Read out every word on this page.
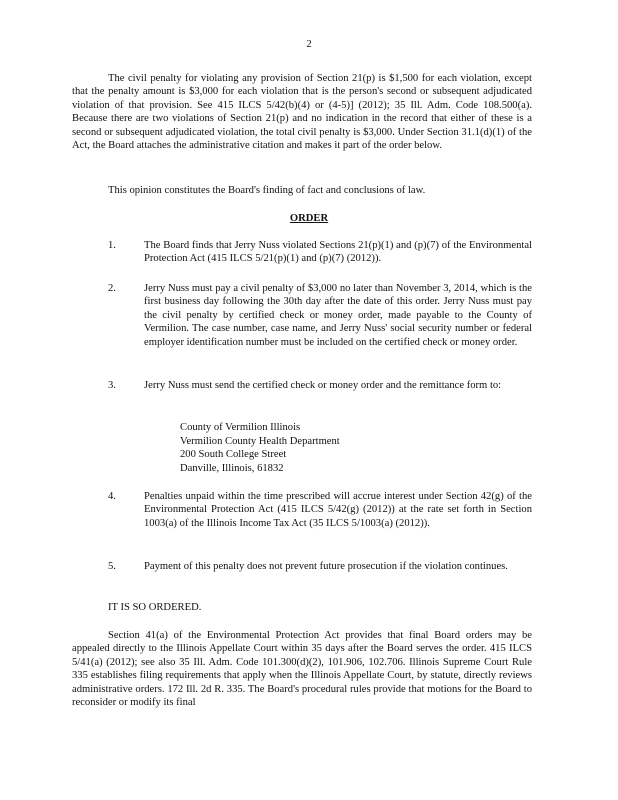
2
The civil penalty for violating any provision of Section 21(p) is $1,500 for each violation, except that the penalty amount is $3,000 for each violation that is the person's second or subsequent adjudicated violation of that provision. See 415 ILCS 5/42(b)(4) or (4-5)] (2012); 35 Ill. Adm. Code 108.500(a). Because there are two violations of Section 21(p) and no indication in the record that either of these is a second or subsequent adjudicated violation, the total civil penalty is $3,000. Under Section 31.1(d)(1) of the Act, the Board attaches the administrative citation and makes it part of the order below.
This opinion constitutes the Board's finding of fact and conclusions of law.
ORDER
1.	The Board finds that Jerry Nuss violated Sections 21(p)(1) and (p)(7) of the Environmental Protection Act (415 ILCS 5/21(p)(1) and (p)(7) (2012)).
2.	Jerry Nuss must pay a civil penalty of $3,000 no later than November 3, 2014, which is the first business day following the 30th day after the date of this order. Jerry Nuss must pay the civil penalty by certified check or money order, made payable to the County of Vermilion. The case number, case name, and Jerry Nuss' social security number or federal employer identification number must be included on the certified check or money order.
3.	Jerry Nuss must send the certified check or money order and the remittance form to:
County of Vermilion Illinois
Vermilion County Health Department
200 South College Street
Danville, Illinois, 61832
4.	Penalties unpaid within the time prescribed will accrue interest under Section 42(g) of the Environmental Protection Act (415 ILCS 5/42(g) (2012)) at the rate set forth in Section 1003(a) of the Illinois Income Tax Act (35 ILCS 5/1003(a) (2012)).
5.	Payment of this penalty does not prevent future prosecution if the violation continues.
IT IS SO ORDERED.
Section 41(a) of the Environmental Protection Act provides that final Board orders may be appealed directly to the Illinois Appellate Court within 35 days after the Board serves the order. 415 ILCS 5/41(a) (2012); see also 35 Ill. Adm. Code 101.300(d)(2), 101.906, 102.706. Illinois Supreme Court Rule 335 establishes filing requirements that apply when the Illinois Appellate Court, by statute, directly reviews administrative orders. 172 Ill. 2d R. 335. The Board's procedural rules provide that motions for the Board to reconsider or modify its final
